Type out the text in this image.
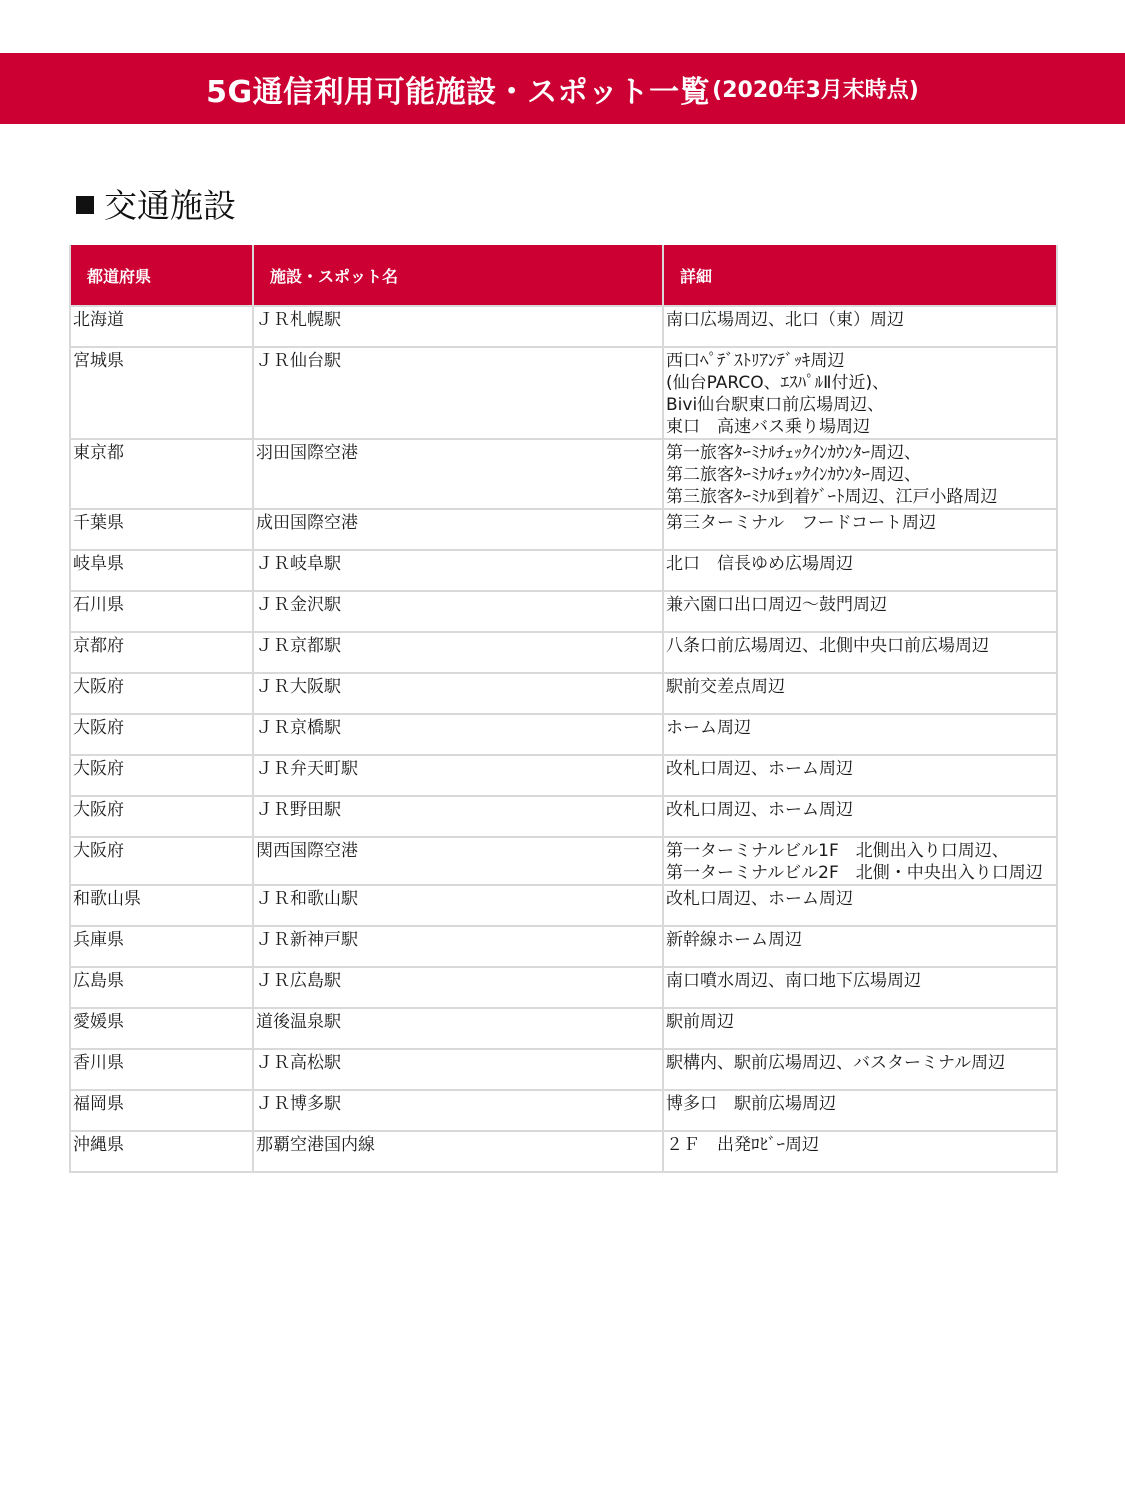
5G通信利用可能施設・スポット一覧 (2020年3月末時点)
交通施設
都道府県	施設・スポット名	詳細
北海道	ＪＲ札幌駅	南口広場周辺、北口（東）周辺

宮城県	ＪＲ仙台駅	西口ﾍﾟﾃﾞｽﾄﾘｱﾝﾃﾞｯｷ周辺
(仙台PARCO、ｴｽﾊﾟﾙⅡ付近)、
Bivi仙台駅東口前広場周辺、
東口　高速バス乗り場周辺

東京都	羽田国際空港	第一旅客ﾀｰﾐﾅﾙﾁｪｯｸｲﾝｶｳﾝﾀｰ周辺、
第二旅客ﾀｰﾐﾅﾙﾁｪｯｸｲﾝｶｳﾝﾀｰ周辺、
第三旅客ﾀｰﾐﾅﾙ到着ｹﾞｰﾄ周辺、江戸小路周辺

千葉県	成田国際空港	第三ターミナル　フードコート周辺

岐阜県	ＪＲ岐阜駅	北口　信長ゆめ広場周辺

石川県	ＪＲ金沢駅	兼六園口出口周辺～鼓門周辺

京都府	ＪＲ京都駅	八条口前広場周辺、北側中央口前広場周辺

大阪府	ＪＲ大阪駅	駅前交差点周辺

大阪府	ＪＲ京橋駅	ホーム周辺

大阪府	ＪＲ弁天町駅	改札口周辺、ホーム周辺

大阪府	ＪＲ野田駅	改札口周辺、ホーム周辺

大阪府	関西国際空港	第一ターミナルビル1F　北側出入り口周辺、
第一ターミナルビル2F　北側・中央出入り口周辺

和歌山県	ＪＲ和歌山駅	改札口周辺、ホーム周辺

兵庫県	ＪＲ新神戸駅	新幹線ホーム周辺

広島県	ＪＲ広島駅	南口噴水周辺、南口地下広場周辺

愛媛県	道後温泉駅	駅前周辺

香川県	ＪＲ高松駅	駅構内、駅前広場周辺、バスターミナル周辺

福岡県	ＪＲ博多駅	博多口　駅前広場周辺

沖縄県	那覇空港国内線	２Ｆ　出発ﾛﾋﾞｰ周辺
